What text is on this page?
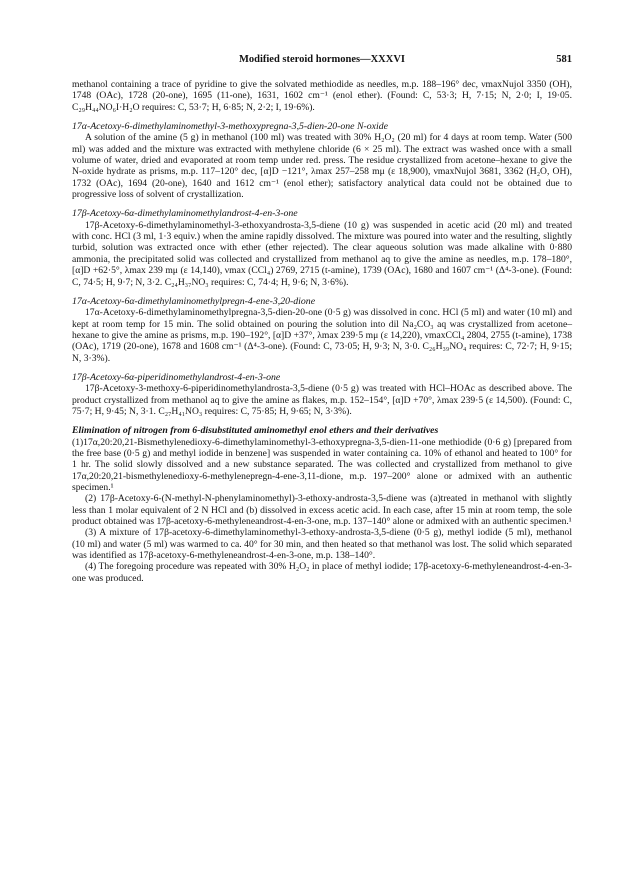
Modified steroid hormones—XXXVI	581

methanol containing a trace of pyridine to give the solvated methiodide as needles, m.p. 188–196° dec, νmaxNujol 3350 (OH), 1748 (OAc), 1728 (20-one), 1695 (11-one), 1631, 1602 cm⁻¹ (enol ether). (Found: C, 53·3; H, 7·15; N, 2·0; I, 19·05. C₂₉H₄₄NO₆I·H₂O requires: C, 53·7; H, 6·85; N, 2·2; I, 19·6%).

17α-Acetoxy-6-dimethylaminomethyl-3-methoxypregna-3,5-dien-20-one N-oxide

A solution of the amine (5 g) in methanol (100 ml) was treated with 30% H₂O₂ (20 ml) for 4 days at room temp. Water (500 ml) was added and the mixture was extracted with methylene chloride (6 × 25 ml). The extract was washed once with a small volume of water, dried and evaporated at room temp under red. press. The residue crystallized from acetone–hexane to give the N-oxide hydrate as prisms, m.p. 117–120° dec, [α]D −121°, λmax 257–258 mμ (ε 18,900), νmaxNujol 3681, 3362 (H₂O, OH), 1732 (OAc), 1694 (20-one), 1640 and 1612 cm⁻¹ (enol ether); satisfactory analytical data could not be obtained due to progressive loss of solvent of crystallization.

17β-Acetoxy-6α-dimethylaminomethylandrost-4-en-3-one

17β-Acetoxy-6-dimethylaminomethyl-3-ethoxyandrosta-3,5-diene (10 g) was suspended in acetic acid (20 ml) and treated with conc. HCl (3 ml, 1·3 equiv.) when the amine rapidly dissolved. The mixture was poured into water and the resulting, slightly turbid, solution was extracted once with ether (ether rejected). The clear aqueous solution was made alkaline with 0·880 ammonia, the precipitated solid was collected and crystallized from methanol aq to give the amine as needles, m.p. 178–180°, [α]D +62·5°, λmax 239 mμ (ε 14,140), νmax (CCl₄) 2769, 2715 (t-amine), 1739 (OAc), 1680 and 1607 cm⁻¹ (Δ⁴-3-one). (Found: C, 74·5; H, 9·7; N, 3·2. C₂₄H₃₇NO₃ requires: C, 74·4; H, 9·6; N, 3·6%).

17α-Acetoxy-6α-dimethylaminomethylpregn-4-ene-3,20-dione

17α-Acetoxy-6-dimethylaminomethylpregna-3,5-dien-20-one (0·5 g) was dissolved in conc. HCl (5 ml) and water (10 ml) and kept at room temp for 15 min. The solid obtained on pouring the solution into dil Na₂CO₃ aq was crystallized from acetone–hexane to give the amine as prisms, m.p. 190–192°, [α]D +37°, λmax 239·5 mμ (ε 14,220), νmaxCCl₄ 2804, 2755 (t-amine), 1738 (OAc), 1719 (20-one), 1678 and 1608 cm⁻¹ (Δ⁴-3-one). (Found: C, 73·05; H, 9·3; N, 3·0. C₂₆H₃₉NO₄ requires: C, 72·7; H, 9·15; N, 3·3%).

17β-Acetoxy-6α-piperidinomethylandrost-4-en-3-one

17β-Acetoxy-3-methoxy-6-piperidinomethylandrosta-3,5-diene (0·5 g) was treated with HCl–HOAc as described above. The product crystallized from methanol aq to give the amine as flakes, m.p. 152–154°, [α]D +70°, λmax 239·5 (ε 14,500). (Found: C, 75·7; H, 9·45; N, 3·1. C₂₇H₄₁NO₃ requires: C, 75·85; H, 9·65; N, 3·3%).

Elimination of nitrogen from 6-disubstituted aminomethyl enol ethers and their derivatives

(1)17α,20:20,21-Bismethylenedioxy-6-dimethylaminomethyl-3-ethoxypregna-3,5-dien-11-one methiodide (0·6 g) [prepared from the free base (0·5 g) and methyl iodide in benzene] was suspended in water containing ca. 10% of ethanol and heated to 100° for 1 hr. The solid slowly dissolved and a new substance separated. The was collected and crystallized from methanol to give 17α,20:20,21-bismethylenedioxy-6-methylenepregn-4-ene-3,11-dione, m.p. 197–200° alone or admixed with an authentic specimen.¹

(2) 17β-Acetoxy-6-(N-methyl-N-phenylaminomethyl)-3-ethoxy-androsta-3,5-diene was (a)treated in methanol with slightly less than 1 molar equivalent of 2 N HCl and (b) dissolved in excess acetic acid. In each case, after 15 min at room temp, the sole product obtained was 17β-acetoxy-6-methyleneandrost-4-en-3-one, m.p. 137–140° alone or admixed with an authentic specimen.¹

(3) A mixture of 17β-acetoxy-6-dimethylaminomethyl-3-ethoxy-androsta-3,5-diene (0·5 g), methyl iodide (5 ml), methanol (10 ml) and water (5 ml) was warmed to ca. 40° for 30 min, and then heated so that methanol was lost. The solid which separated was identified as 17β-acetoxy-6-methyleneandrost-4-en-3-one, m.p. 138–140°.

(4) The foregoing procedure was repeated with 30% H₂O₂ in place of methyl iodide; 17β-acetoxy-6-methyleneandrost-4-en-3-one was produced.
